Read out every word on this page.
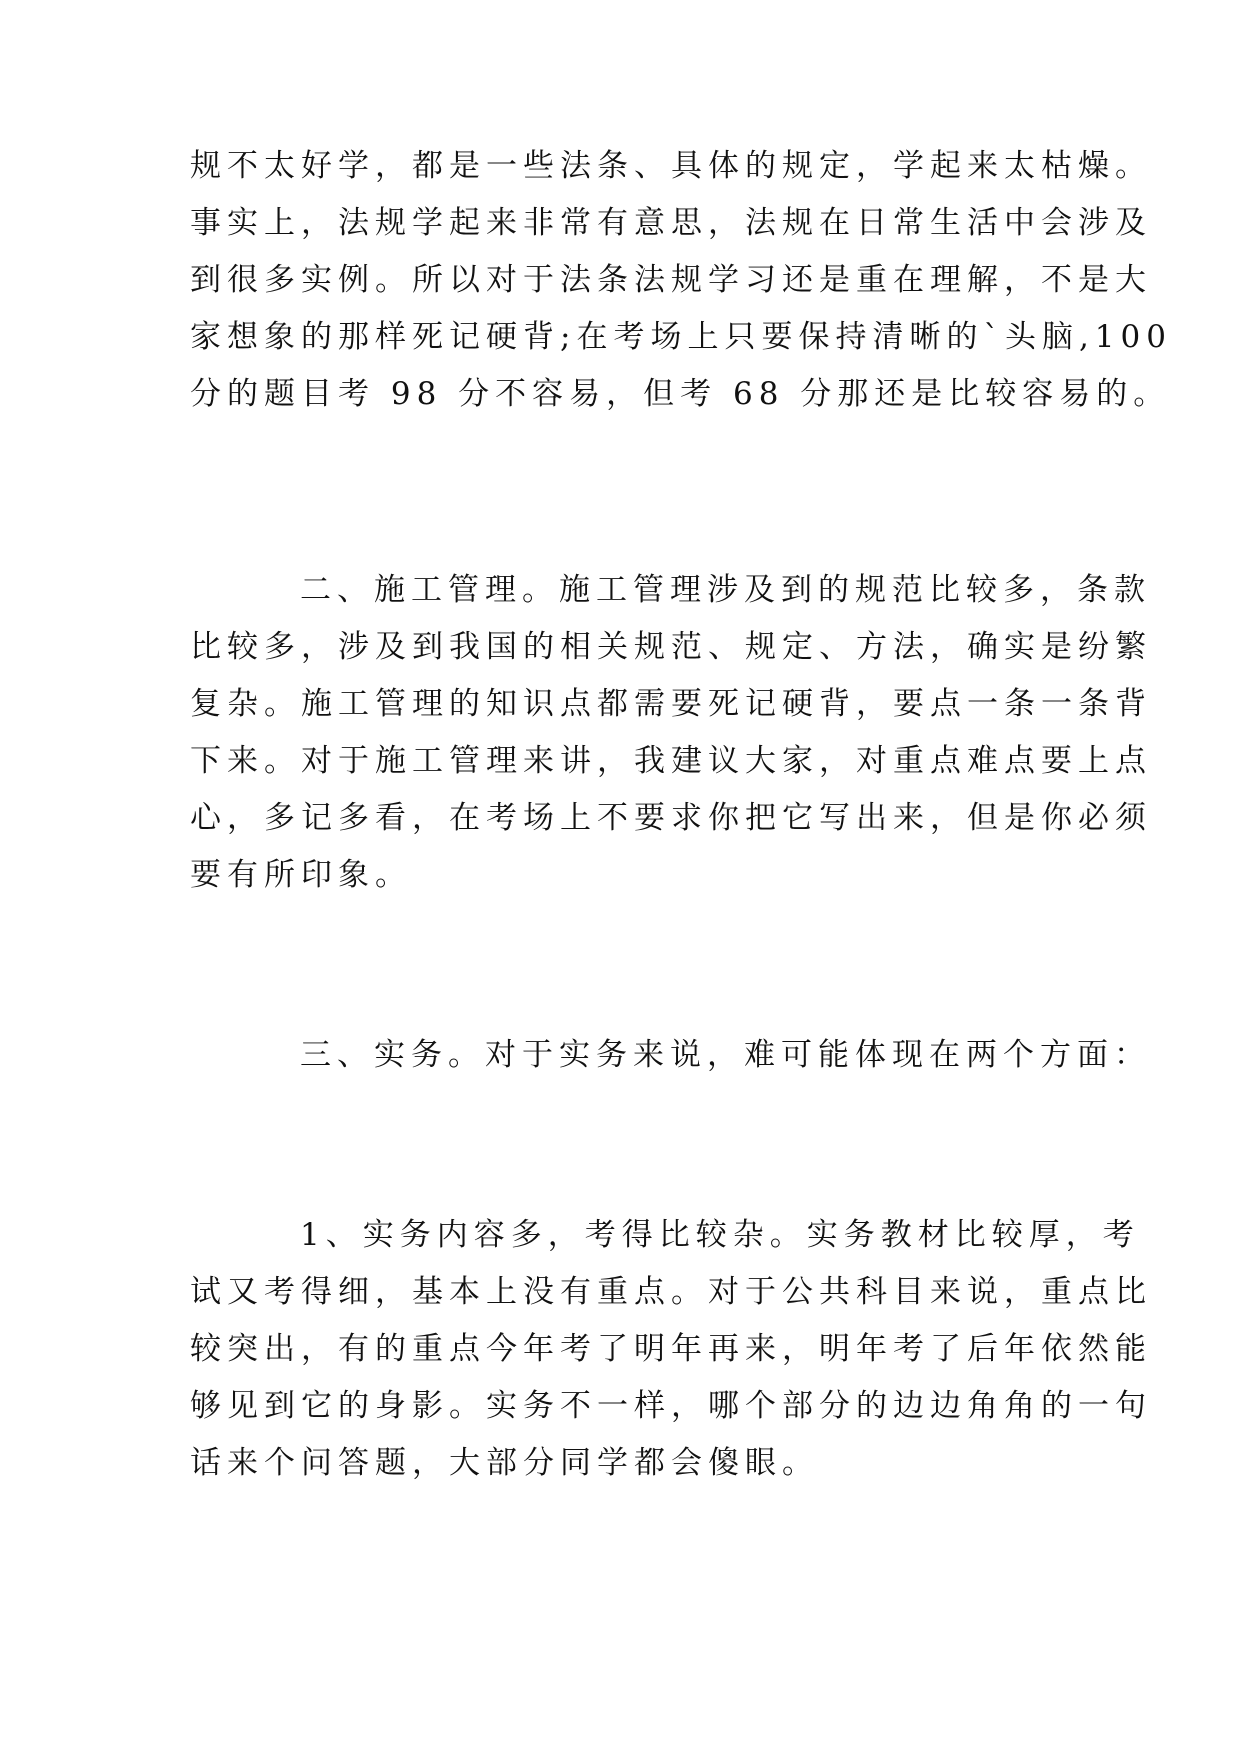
规不太好学，都是一些法条、具体的规定，学起来太枯燥。

事实上，法规学起来非常有意思，法规在日常生活中会涉及

到很多实例。所以对于法条法规学习还是重在理解，不是大

家想象的那样死记硬背;在考场上只要保持清晰的`头脑,100

分的题目考 98 分不容易，但考 68 分那还是比较容易的。

二、施工管理。施工管理涉及到的规范比较多，条款

比较多，涉及到我国的相关规范、规定、方法，确实是纷繁

复杂。施工管理的知识点都需要死记硬背，要点一条一条背

下来。对于施工管理来讲，我建议大家，对重点难点要上点

心，多记多看，在考场上不要求你把它写出来，但是你必须

要有所印象。

三、实务。对于实务来说，难可能体现在两个方面：

1、实务内容多，考得比较杂。实务教材比较厚，考

试又考得细，基本上没有重点。对于公共科目来说，重点比

较突出，有的重点今年考了明年再来，明年考了后年依然能

够见到它的身影。实务不一样，哪个部分的边边角角的一句

话来个问答题，大部分同学都会傻眼。
